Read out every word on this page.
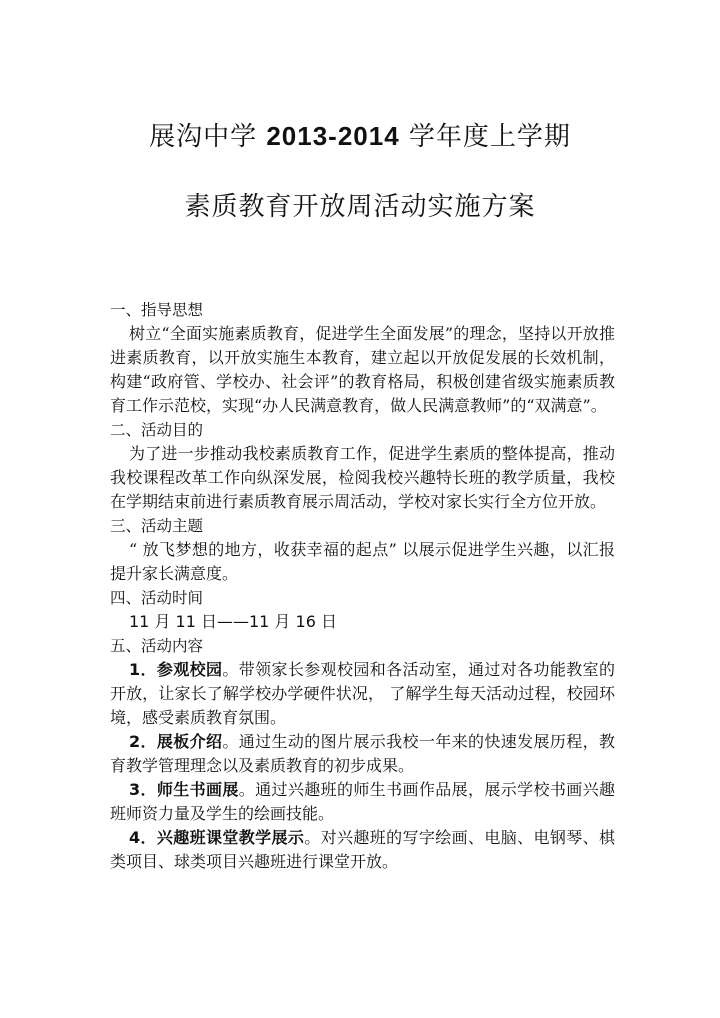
展沟中学 2013-2014 学年度上学期
素质教育开放周活动实施方案
一、指导思想
树立“全面实施素质教育，促进学生全面发展”的理念，坚持以开放推进素质教育，以开放实施生本教育，建立起以开放促发展的长效机制，构建“政府管、学校办、社会评”的教育格局，积极创建省级实施素质教育工作示范校，实现“办人民满意教育，做人民满意教师”的“双满意”。
二、活动目的
为了进一步推动我校素质教育工作，促进学生素质的整体提高，推动我校课程改革工作向纵深发展，检阅我校兴趣特长班的教学质量，我校在学期结束前进行素质教育展示周活动，学校对家长实行全方位开放。
三、活动主题
“ 放飞梦想的地方，收获幸福的起点” 以展示促进学生兴趣，以汇报提升家长满意度。
四、活动时间
11 月 11 日——11 月 16 日
五、活动内容
1．参观校园。带领家长参观校园和各活动室，通过对各功能教室的开放，让家长了解学校办学硬件状况， 了解学生每天活动过程，校园环境，感受素质教育氛围。
2．展板介绍。通过生动的图片展示我校一年来的快速发展历程，教育教学管理理念以及素质教育的初步成果。
3．师生书画展。通过兴趣班的师生书画作品展，展示学校书画兴趣班师资力量及学生的绘画技能。
4．兴趣班课堂教学展示。对兴趣班的写字绘画、电脑、电钢琴、棋类项目、球类项目兴趣班进行课堂开放。
